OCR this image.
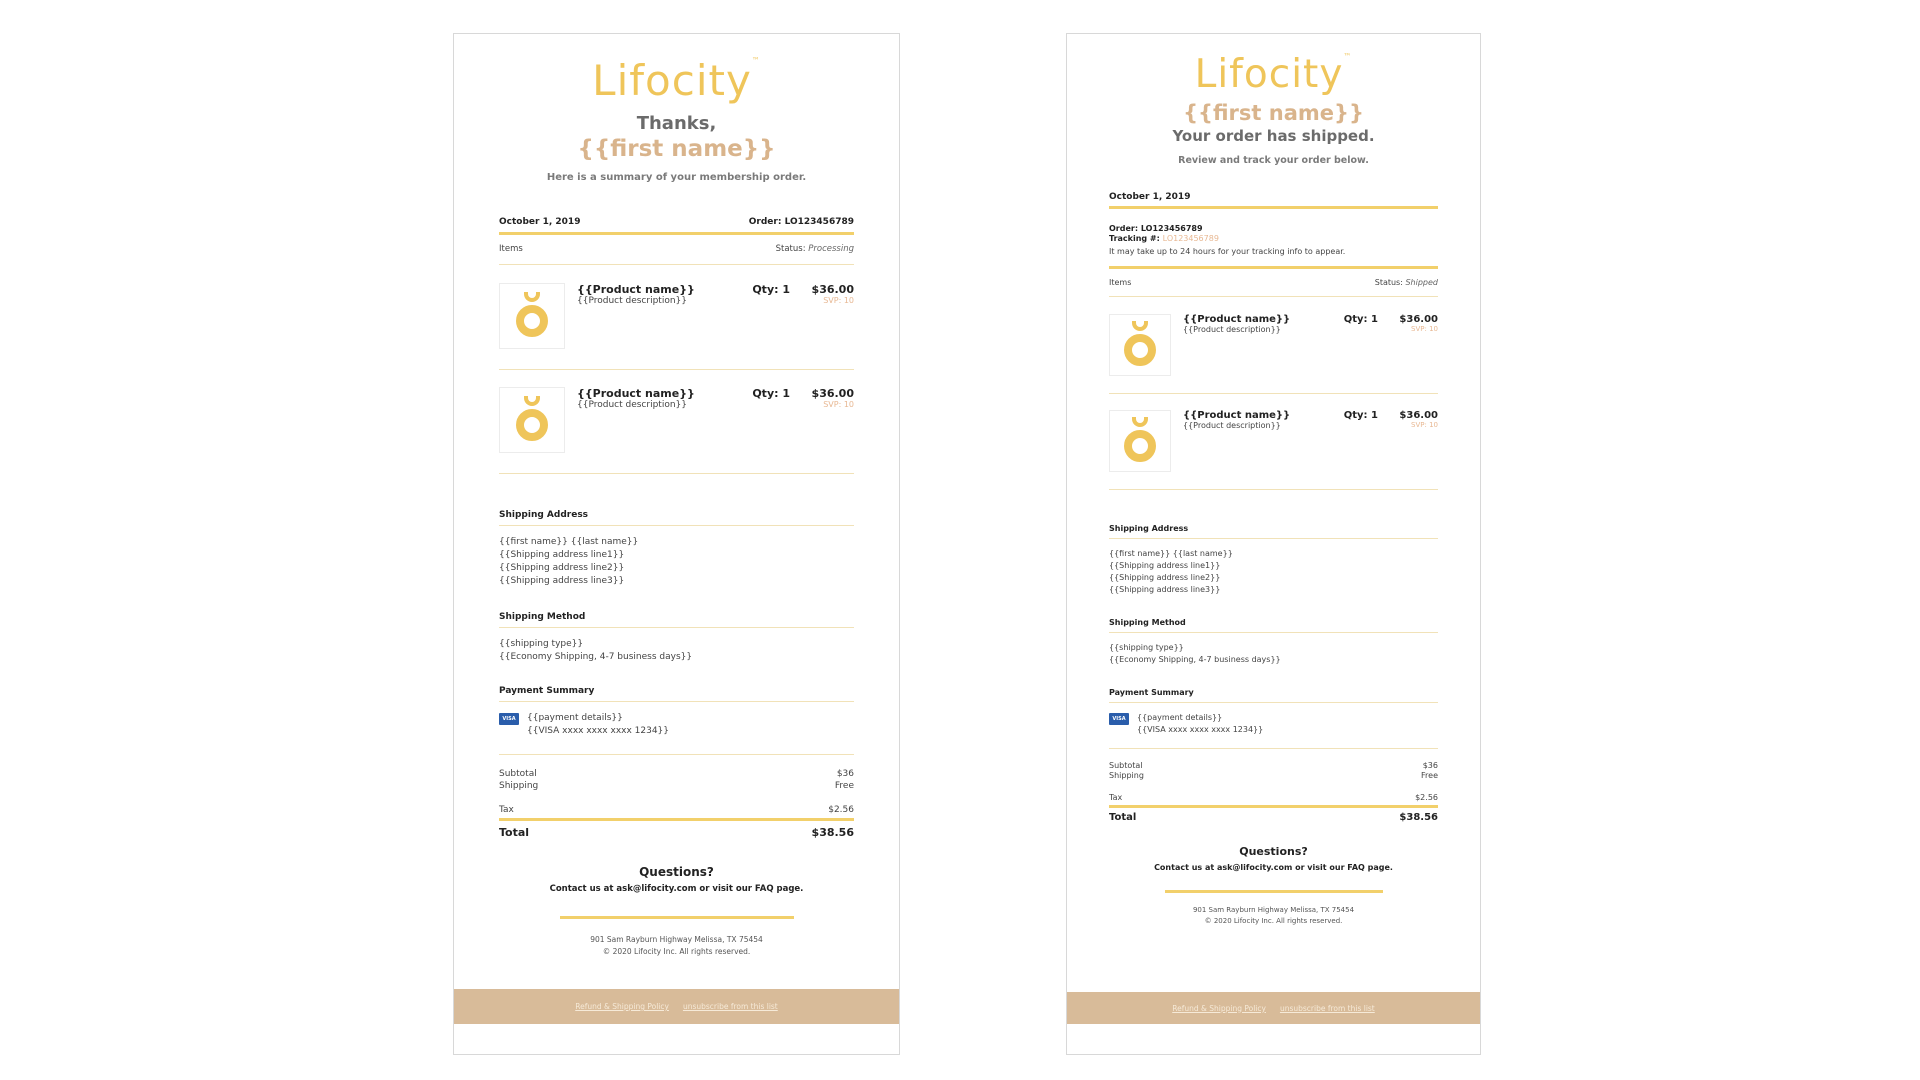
Lifocity™
Thanks,
{{first name}}
Here is a summary of your membership order.
October 1, 2019	Order: LO123456789
Items	Status: Processing
{{Product name}}
{{Product description}}
Qty: 1 $36.00
SVP: 10
{{Product name}}
{{Product description}}
Qty: 1 $36.00
SVP: 10
Shipping Address
{{first name}} {{last name}}
{{Shipping address line1}}
{{Shipping address line2}}
{{Shipping address line3}}
Shipping Method
{{shipping type}}
{{Economy Shipping, 4-7 business days}}
Payment Summary
VISA	{{payment details}}
{{VISA xxxx xxxx xxxx 1234}}
Subtotal	$36
Shipping	Free
Tax	$2.56
Total	$38.56
Questions?
Contact us at ask@lifocity.com or visit our FAQ page.
901 Sam Rayburn Highway Melissa, TX 75454
© 2020 Lifocity Inc. All rights reserved.
Refund & Shipping Policy unsubscribe from this list
Lifocity™
{{first name}}
Your order has shipped.
Review and track your order below.
October 1, 2019
Order: LO123456789
Tracking #: LO123456789
It may take up to 24 hours for your tracking info to appear.
Items	Status: Shipped
{{Product name}}
{{Product description}}
Qty: 1 $36.00
SVP: 10
{{Product name}}
{{Product description}}
Qty: 1 $36.00
SVP: 10
Shipping Address
{{first name}} {{last name}}
{{Shipping address line1}}
{{Shipping address line2}}
{{Shipping address line3}}
Shipping Method
{{shipping type}}
{{Economy Shipping, 4-7 business days}}
Payment Summary
VISA	{{payment details}}
{{VISA xxxx xxxx xxxx 1234}}
Subtotal	$36
Shipping	Free
Tax	$2.56
Total	$38.56
Questions?
Contact us at ask@lifocity.com or visit our FAQ page.
901 Sam Rayburn Highway Melissa, TX 75454
© 2020 Lifocity Inc. All rights reserved.
Refund & Shipping Policy unsubscribe from this list
